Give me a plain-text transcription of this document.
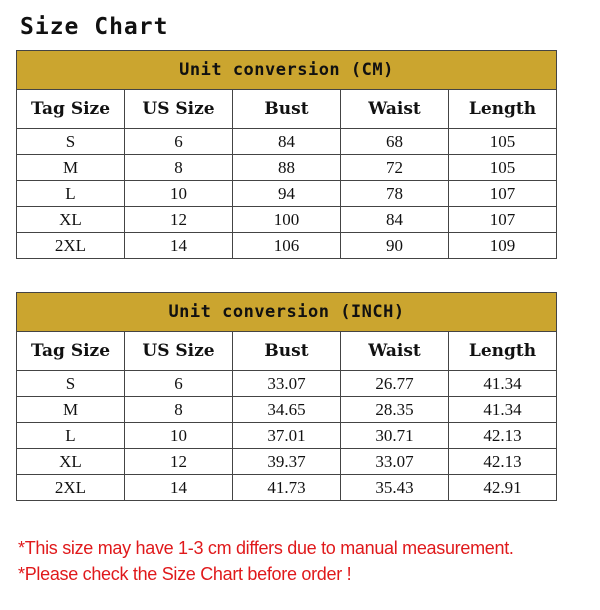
Size Chart
Unit conversion (CM)				
Tag Size	US Size	Bust	Waist	Length
S	6	84	68	105
M	8	88	72	105
L	10	94	78	107
XL	12	100	84	107
2XL	14	106	90	109
Unit conversion (INCH)				
Tag Size	US Size	Bust	Waist	Length
S	6	33.07	26.77	41.34
M	8	34.65	28.35	41.34
L	10	37.01	30.71	42.13
XL	12	39.37	33.07	42.13
2XL	14	41.73	35.43	42.91
*This size may have 1-3 cm differs due to manual measurement.
*Please check the Size Chart before order !
